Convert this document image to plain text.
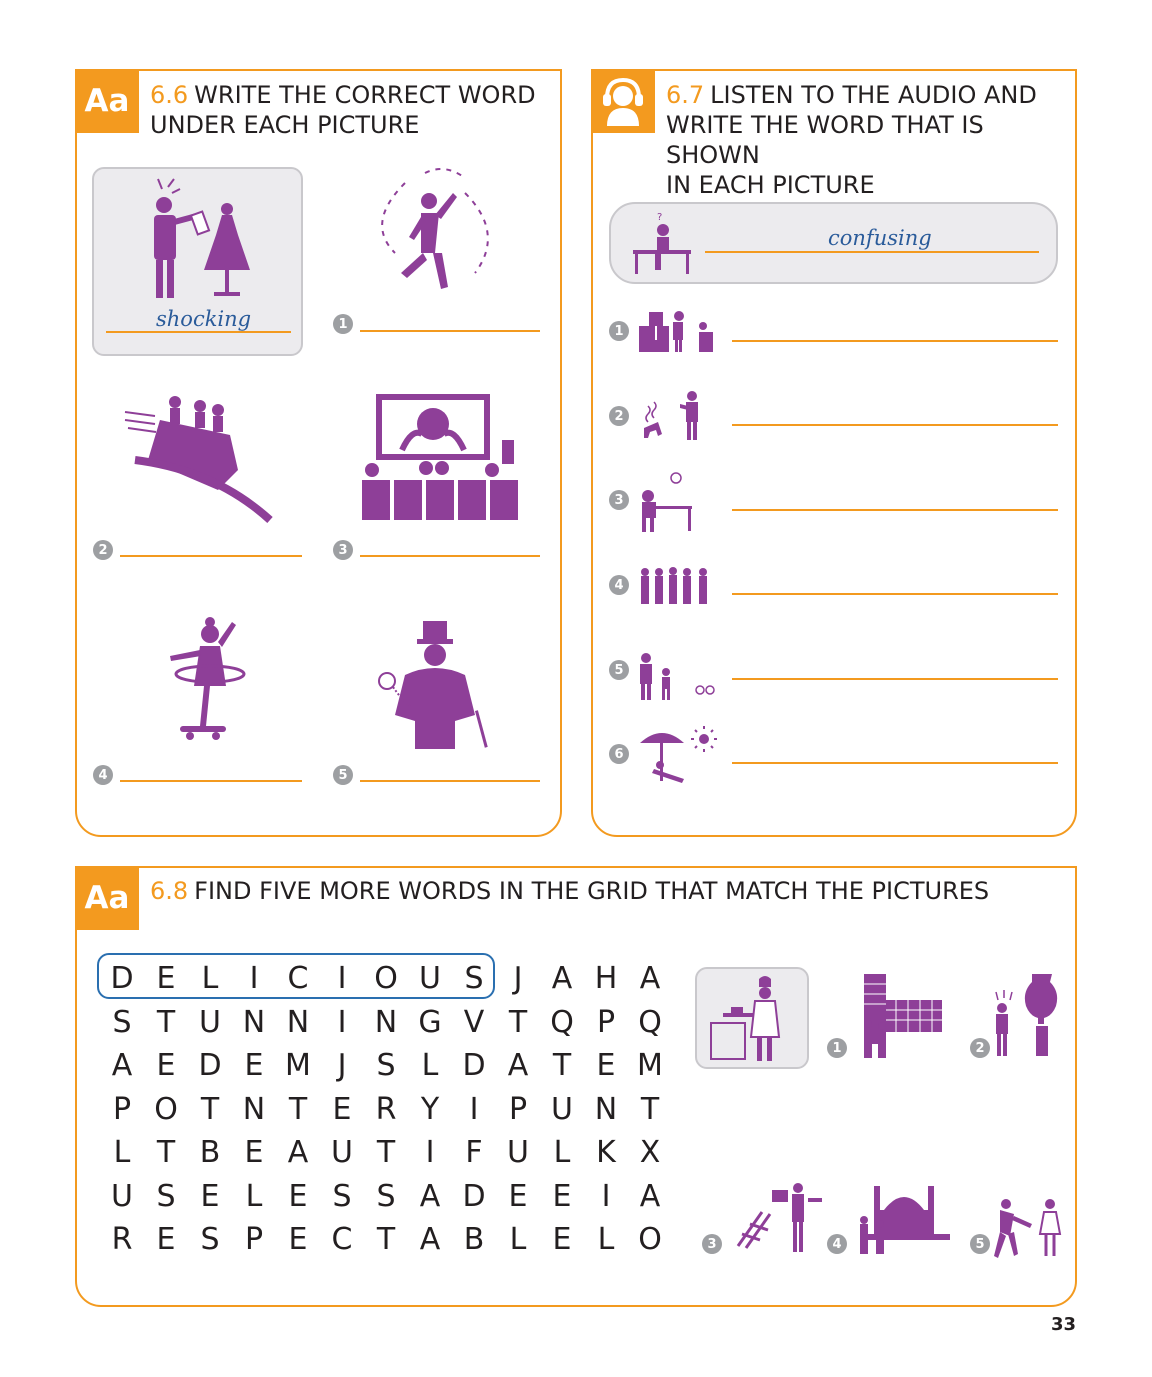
Aa 6.6 WRITE THE CORRECT WORD
UNDER EACH PICTURE
shocking	1
2	3
4	5
6.7 LISTEN TO THE AUDIO AND
WRITE THE WORD THAT IS SHOWN
IN EACH PICTURE
?
confusing
1
2
3
4
5
6
Aa 6.8 FIND FIVE MORE WORDS IN THE GRID THAT MATCH THE PICTURES
D E L	I C I O U S	J A H A
S T U N N I N G V T Q P Q
A E D E M J	S L D A T E M
P O T N T E R Y	I	P U N T
L T B E A U T	I	F U L K X
U S E L E S S A D E E	I A
R E S P E C T A B L E L O
1	2
3	4	5
33
